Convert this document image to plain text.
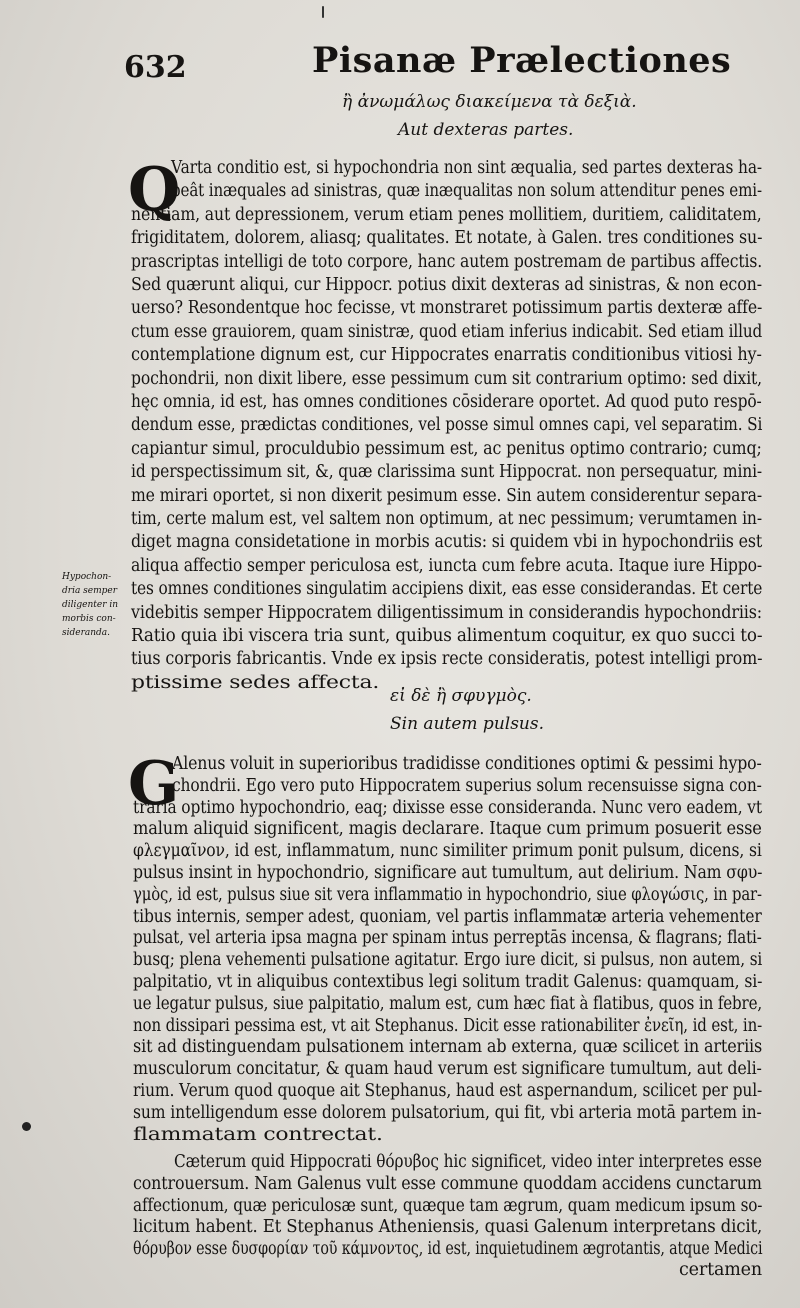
632	Pisanæ Prælectiones
ἢ ἀνωμάλως διακείμενα τὰ δεξιὰ.
Aut dexteras partes.
Q
Varta conditio est, si hypochondria non sint æqualia, sed partes dexteras ha-
beât inæquales ad sinistras, quæ inæqualitas non solum attenditur penes emi-
nentiam, aut depressionem, verum etiam penes mollitiem, duritiem, caliditatem,
frigiditatem, dolorem, aliasq; qualitates. Et notate, à Galen. tres conditiones su-
prascriptas intelligi de toto corpore, hanc autem postremam de partibus affectis.
Sed quærunt aliqui, cur Hippocr. potius dixit dexteras ad sinistras, & non econ-
uerso? Resondentque hoc fecisse, vt monstraret potissimum partis dexteræ affe-
ctum esse grauiorem, quam sinistræ, quod etiam inferius indicabit. Sed etiam illud
contemplatione dignum est, cur Hippocrates enarratis conditionibus vitiosi hy-
pochondrii, non dixit libere, esse pessimum cum sit contrarium optimo: sed dixit,
hęc omnia, id est, has omnes conditiones cōsiderare oportet. Ad quod puto respō-
dendum esse, prædictas conditiones, vel posse simul omnes capi, vel separatim. Si
capiantur simul, proculdubio pessimum est, ac penitus optimo contrario; cumq;
id perspectissimum sit, &, quæ clarissima sunt Hippocrat. non persequatur, mini-
me mirari oportet, si non dixerit pesimum esse. Sin autem considerentur separa-
tim, certe malum est, vel saltem non optimum, at nec pessimum; verumtamen in-
diget magna considetatione in morbis acutis: si quidem vbi in hypochondriis est
aliqua affectio semper periculosa est, iuncta cum febre acuta. Itaque iure Hippo-
tes omnes conditiones singulatim accipiens dixit, eas esse considerandas. Et certe
videbitis semper Hippocratem diligentissimum in considerandis hypochondriis:
Ratio quia ibi viscera tria sunt, quibus alimentum coquitur, ex quo succi to-
tius corporis fabricantis. Vnde ex ipsis recte consideratis, potest intelligi prom-
ptissime sedes affecta.
Hypochon-
dria semper
diligenter in
morbis con-
sideranda.
εἰ δὲ ἢ σφυγμὸς.
Sin autem pulsus.
G
Alenus voluit in superioribus tradidisse conditiones optimi & pessimi hypo-
chondrii. Ego vero puto Hippocratem superius solum recensuisse signa con-
traria optimo hypochondrio, eaq; dixisse esse consideranda. Nunc vero eadem, vt
malum aliquid significent, magis declarare. Itaque cum primum posuerit esse
φλεγμαῖνον, id est, inflammatum, nunc similiter primum ponit pulsum, dicens, si
pulsus insint in hypochondrio, significare aut tumultum, aut delirium. Nam σφυ-
γμὸς, id est, pulsus siue sit vera inflammatio in hypochondrio, siue φλογώσις, in par-
tibus internis, semper adest, quoniam, vel partis inflammatæ arteria vehementer
pulsat, vel arteria ipsa magna per spinam intus perreptās incensa, & flagrans; flati-
busq; plena vehementi pulsatione agitatur. Ergo iure dicit, si pulsus, non autem, si
palpitatio, vt in aliquibus contextibus legi solitum tradit Galenus: quamquam, si-
ue legatur pulsus, siue palpitatio, malum est, cum hæc fiat à flatibus, quos in febre,
non dissipari pessima est, vt ait Stephanus. Dicit esse rationabiliter ἐνεῖη, id est, in-
sit ad distinguendam pulsationem internam ab externa, quæ scilicet in arteriis
musculorum concitatur, & quam haud verum est significare tumultum, aut deli-
rium. Verum quod quoque ait Stephanus, haud est aspernandum, scilicet per pul-
sum intelligendum esse dolorem pulsatorium, qui fit, vbi arteria motā partem in-
flammatam contrectat.
Cæterum quid Hippocrati θόρυβος hic significet, video inter interpretes esse
controuersum. Nam Galenus vult esse commune quoddam accidens cunctarum
affectionum, quæ periculosæ sunt, quæque tam ægrum, quam medicum ipsum so-
licitum habent. Et Stephanus Atheniensis, quasi Galenum interpretans dicit,
θόρυβον esse δυσφορίαν τοῦ κάμνοντος, id est, inquietudinem ægrotantis, atque Medici
certamen
